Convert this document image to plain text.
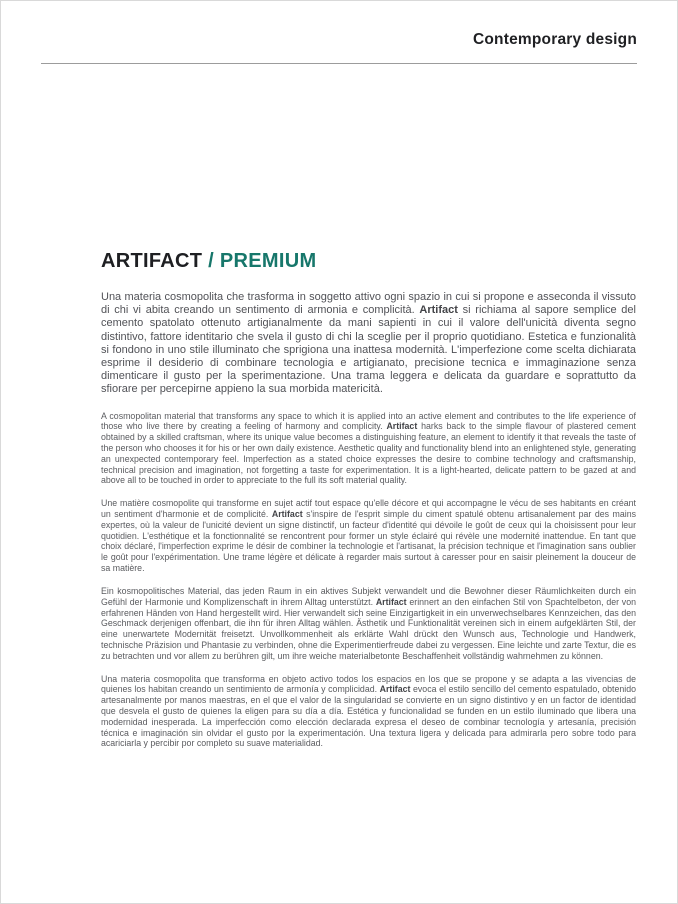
Contemporary design
ARTIFACT / PREMIUM

Una materia cosmopolita che trasforma in soggetto attivo ogni spazio in cui si propone e asseconda il vissuto di chi vi abita creando un sentimento di armonia e complicità. Artifact si richiama al sapore semplice del cemento spatolato ottenuto artigianalmente da mani sapienti in cui il valore dell'unicità diventa segno distintivo, fattore identitario che svela il gusto di chi la sceglie per il proprio quotidiano. Estetica e funzionalità si fondono in uno stile illuminato che sprigiona una inattesa modernità. L'imperfezione come scelta dichiarata esprime il desiderio di combinare tecnologia e artigianato, precisione tecnica e immaginazione senza dimenticare il gusto per la sperimentazione. Una trama leggera e delicata da guardare e soprattutto da sfiorare per percepirne appieno la sua morbida matericità.

A cosmopolitan material that transforms any space to which it is applied into an active element and contributes to the life experience of those who live there by creating a feeling of harmony and complicity. Artifact harks back to the simple flavour of plastered cement obtained by a skilled craftsman, where its unique value becomes a distinguishing feature, an element to identify it that reveals the taste of the person who chooses it for his or her own daily existence. Aesthetic quality and functionality blend into an enlightened style, generating an unexpected contemporary feel. Imperfection as a stated choice expresses the desire to combine technology and craftsmanship, technical precision and imagination, not forgetting a taste for experimentation. It is a light-hearted, delicate pattern to be gazed at and above all to be touched in order to appreciate to the full its soft material quality.

Une matière cosmopolite qui transforme en sujet actif tout espace qu'elle décore et qui accompagne le vécu de ses habitants en créant un sentiment d'harmonie et de complicité. Artifact s'inspire de l'esprit simple du ciment spatulé obtenu artisanalement par des mains expertes, où la valeur de l'unicité devient un signe distinctif, un facteur d'identité qui dévoile le goût de ceux qui la choisissent pour leur quotidien. L'esthétique et la fonctionnalité se rencontrent pour former un style éclairé qui révèle une modernité inattendue. En tant que choix déclaré, l'imperfection exprime le désir de combiner la technologie et l'artisanat, la précision technique et l'imagination sans oublier le goût pour l'expérimentation. Une trame légère et délicate à regarder mais surtout à caresser pour en saisir pleinement la douceur de sa matière.

Ein kosmopolitisches Material, das jeden Raum in ein aktives Subjekt verwandelt und die Bewohner dieser Räumlichkeiten durch ein Gefühl der Harmonie und Komplizenschaft in ihrem Alltag unterstützt. Artifact erinnert an den einfachen Stil von Spachtelbeton, der von erfahrenen Händen von Hand hergestellt wird. Hier verwandelt sich seine Einzigartigkeit in ein unverwechselbares Kennzeichen, das den Geschmack derjenigen offenbart, die ihn für ihren Alltag wählen. Ästhetik und Funktionalität vereinen sich in einem aufgeklärten Stil, der eine unerwartete Modernität freisetzt. Unvollkommenheit als erklärte Wahl drückt den Wunsch aus, Technologie und Handwerk, technische Präzision und Phantasie zu verbinden, ohne die Experimentierfreude dabei zu vergessen. Eine leichte und zarte Textur, die es zu betrachten und vor allem zu berühren gilt, um ihre weiche materialbetonte Beschaffenheit vollständig wahrnehmen zu können.

Una materia cosmopolita que transforma en objeto activo todos los espacios en los que se propone y se adapta a las vivencias de quienes los habitan creando un sentimiento de armonía y complicidad. Artifact evoca el estilo sencillo del cemento espatulado, obtenido artesanalmente por manos maestras, en el que el valor de la singularidad se convierte en un signo distintivo y en un factor de identidad que desvela el gusto de quienes la eligen para su día a día. Estética y funcionalidad se funden en un estilo iluminado que libera una modernidad inesperada. La imperfección como elección declarada expresa el deseo de combinar tecnología y artesanía, precisión técnica e imaginación sin olvidar el gusto por la experimentación. Una textura ligera y delicada para admirarla pero sobre todo para acariciarla y percibir por completo su suave materialidad.
